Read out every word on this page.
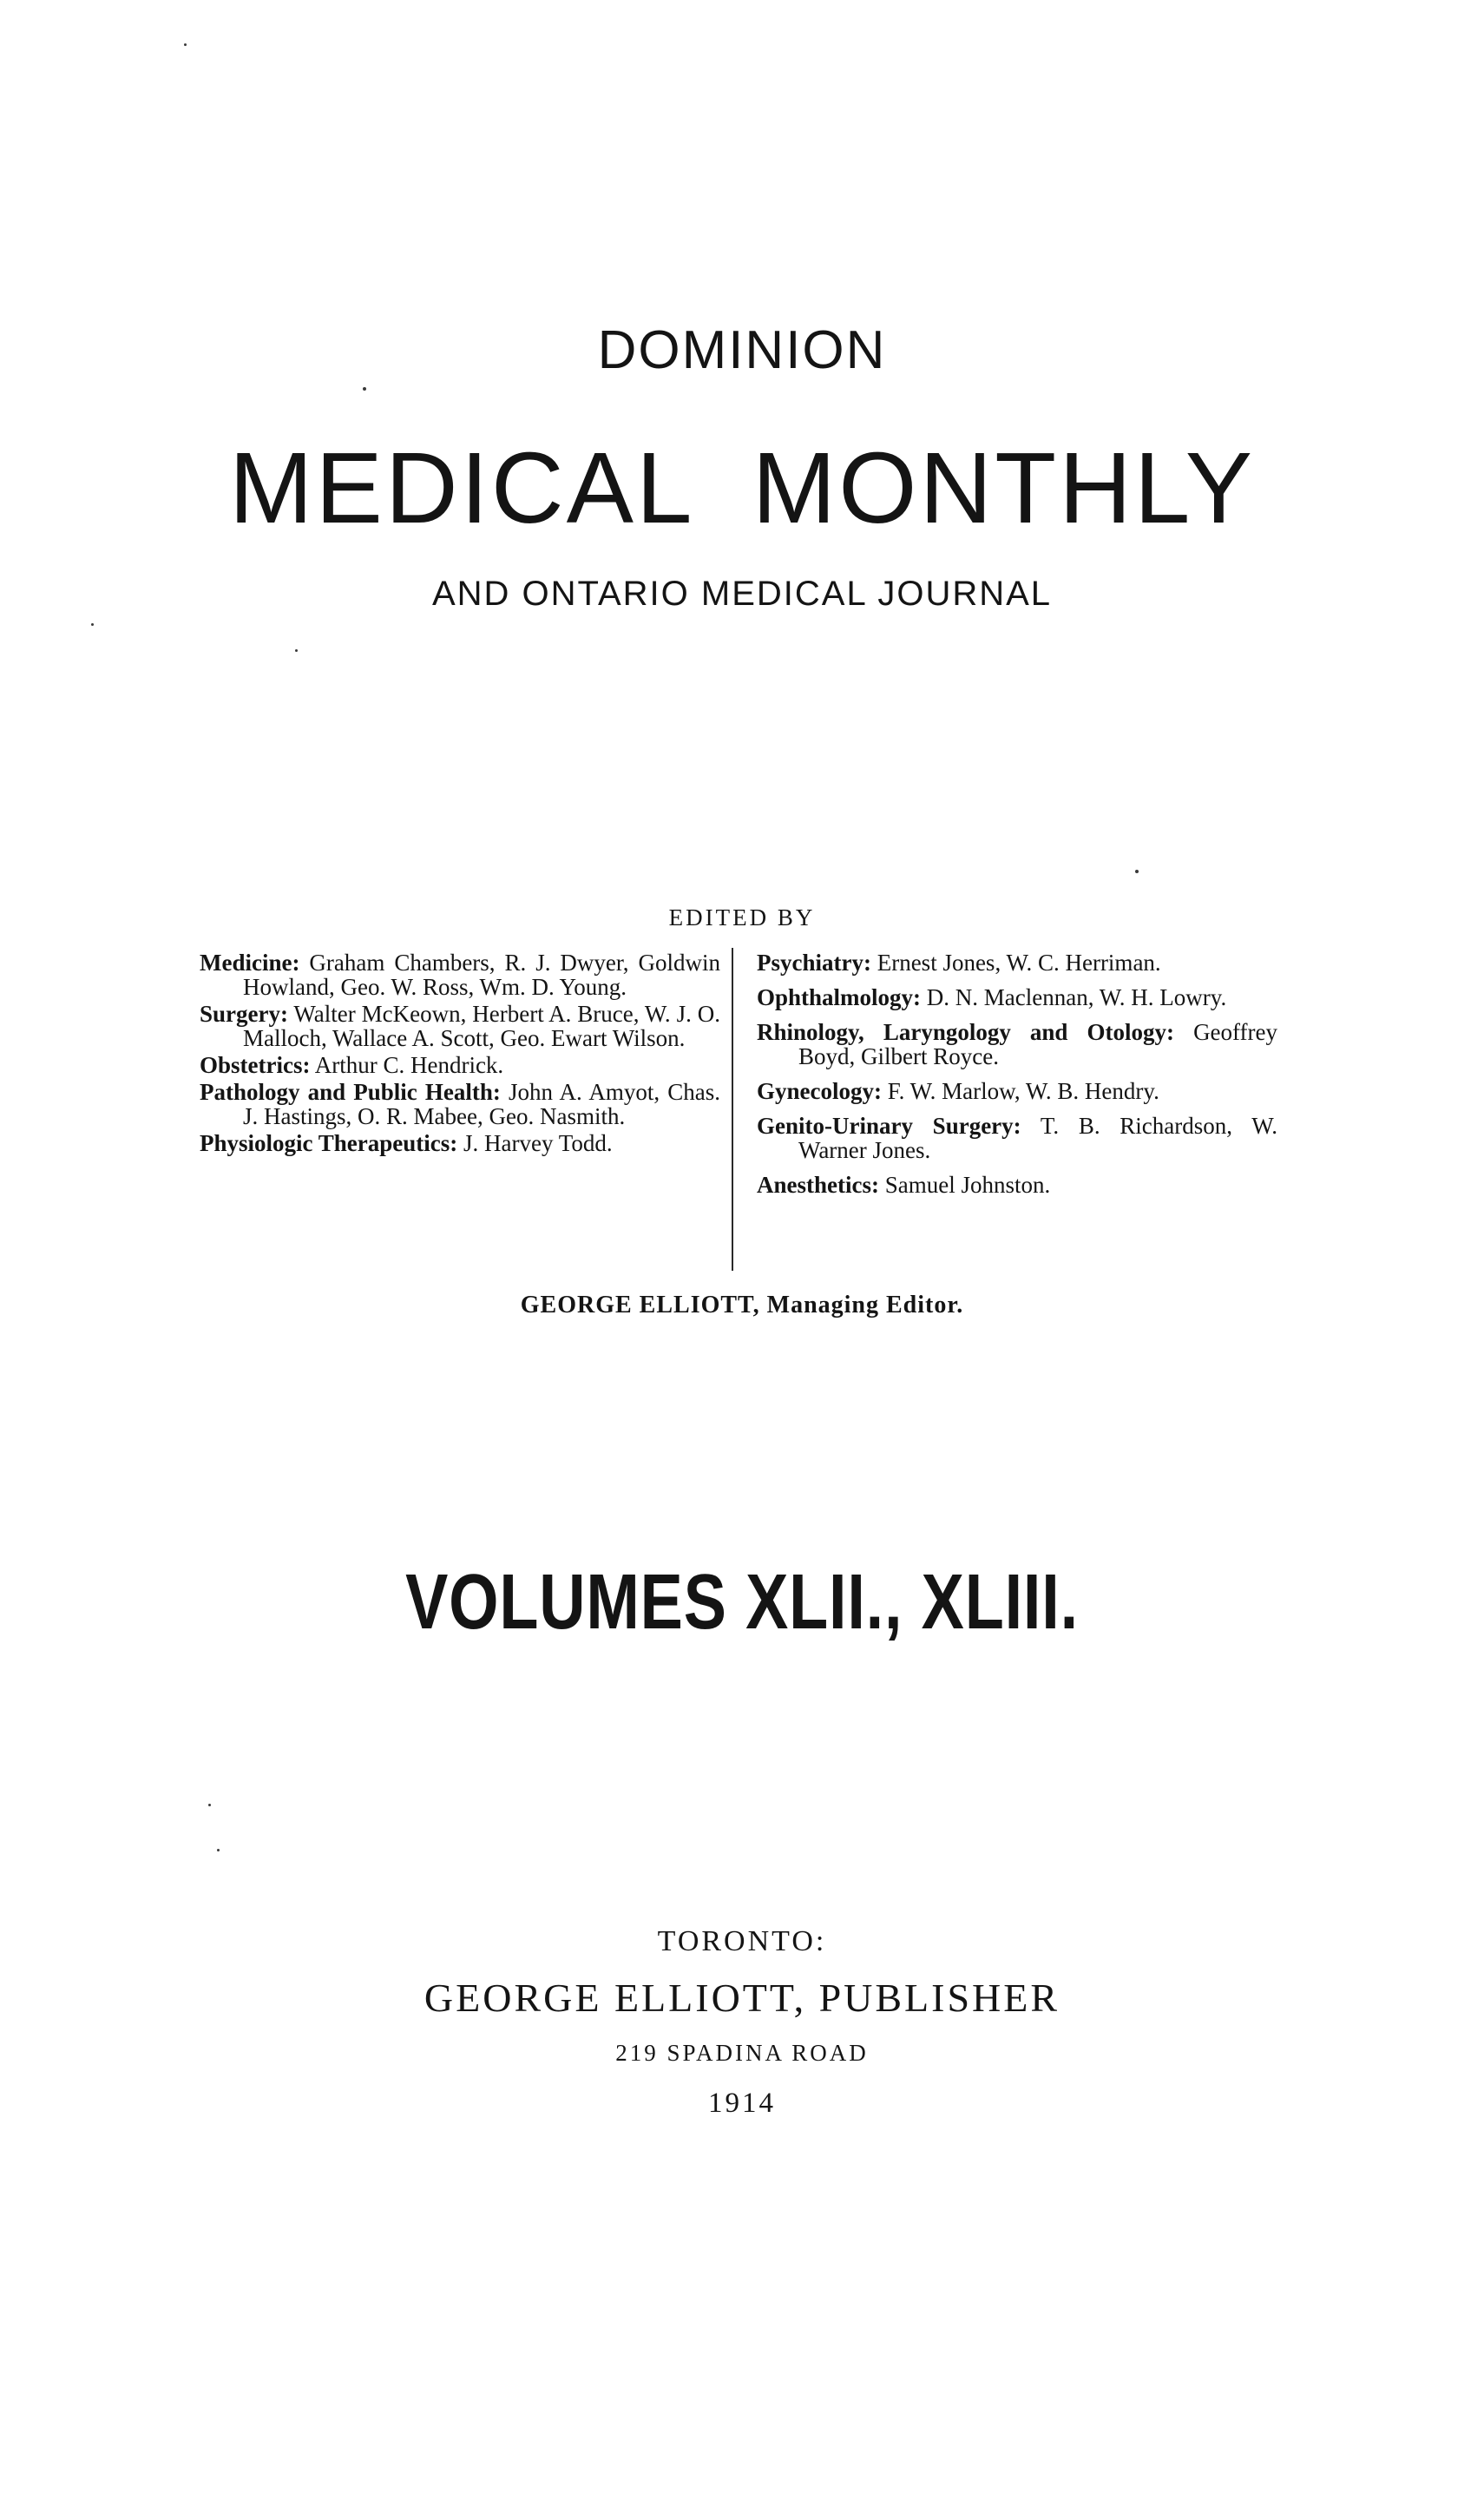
DOMINION
MEDICAL  MONTHLY
AND ONTARIO MEDICAL JOURNAL
EDITED BY

Medicine: Graham Chambers, R. J. Dwyer, Goldwin Howland, Geo. W. Ross, Wm. D. Young.

Surgery: Walter McKeown, Herbert A. Bruce, W. J. O. Malloch, Wallace A. Scott, Geo. Ewart Wilson.

Obstetrics: Arthur C. Hendrick.

Pathology and Public Health: John A. Amyot, Chas. J. Hastings, O. R. Mabee, Geo. Nasmith.

Physiologic Therapeutics: J. Harvey Todd.

Psychiatry: Ernest Jones, W. C. Herriman.

Ophthalmology: D. N. Maclennan, W. H. Lowry.

Rhinology, Laryngology and Otology: Geoffrey Boyd, Gilbert Royce.

Gynecology: F. W. Marlow, W. B. Hendry.

Genito-Urinary Surgery: T. B. Richardson, W. Warner Jones.

Anesthetics: Samuel Johnston.

GEORGE ELLIOTT, Managing Editor.
VOLUMES XLII., XLIII.
TORONTO:
GEORGE ELLIOTT, PUBLISHER
219 SPADINA ROAD
1914
